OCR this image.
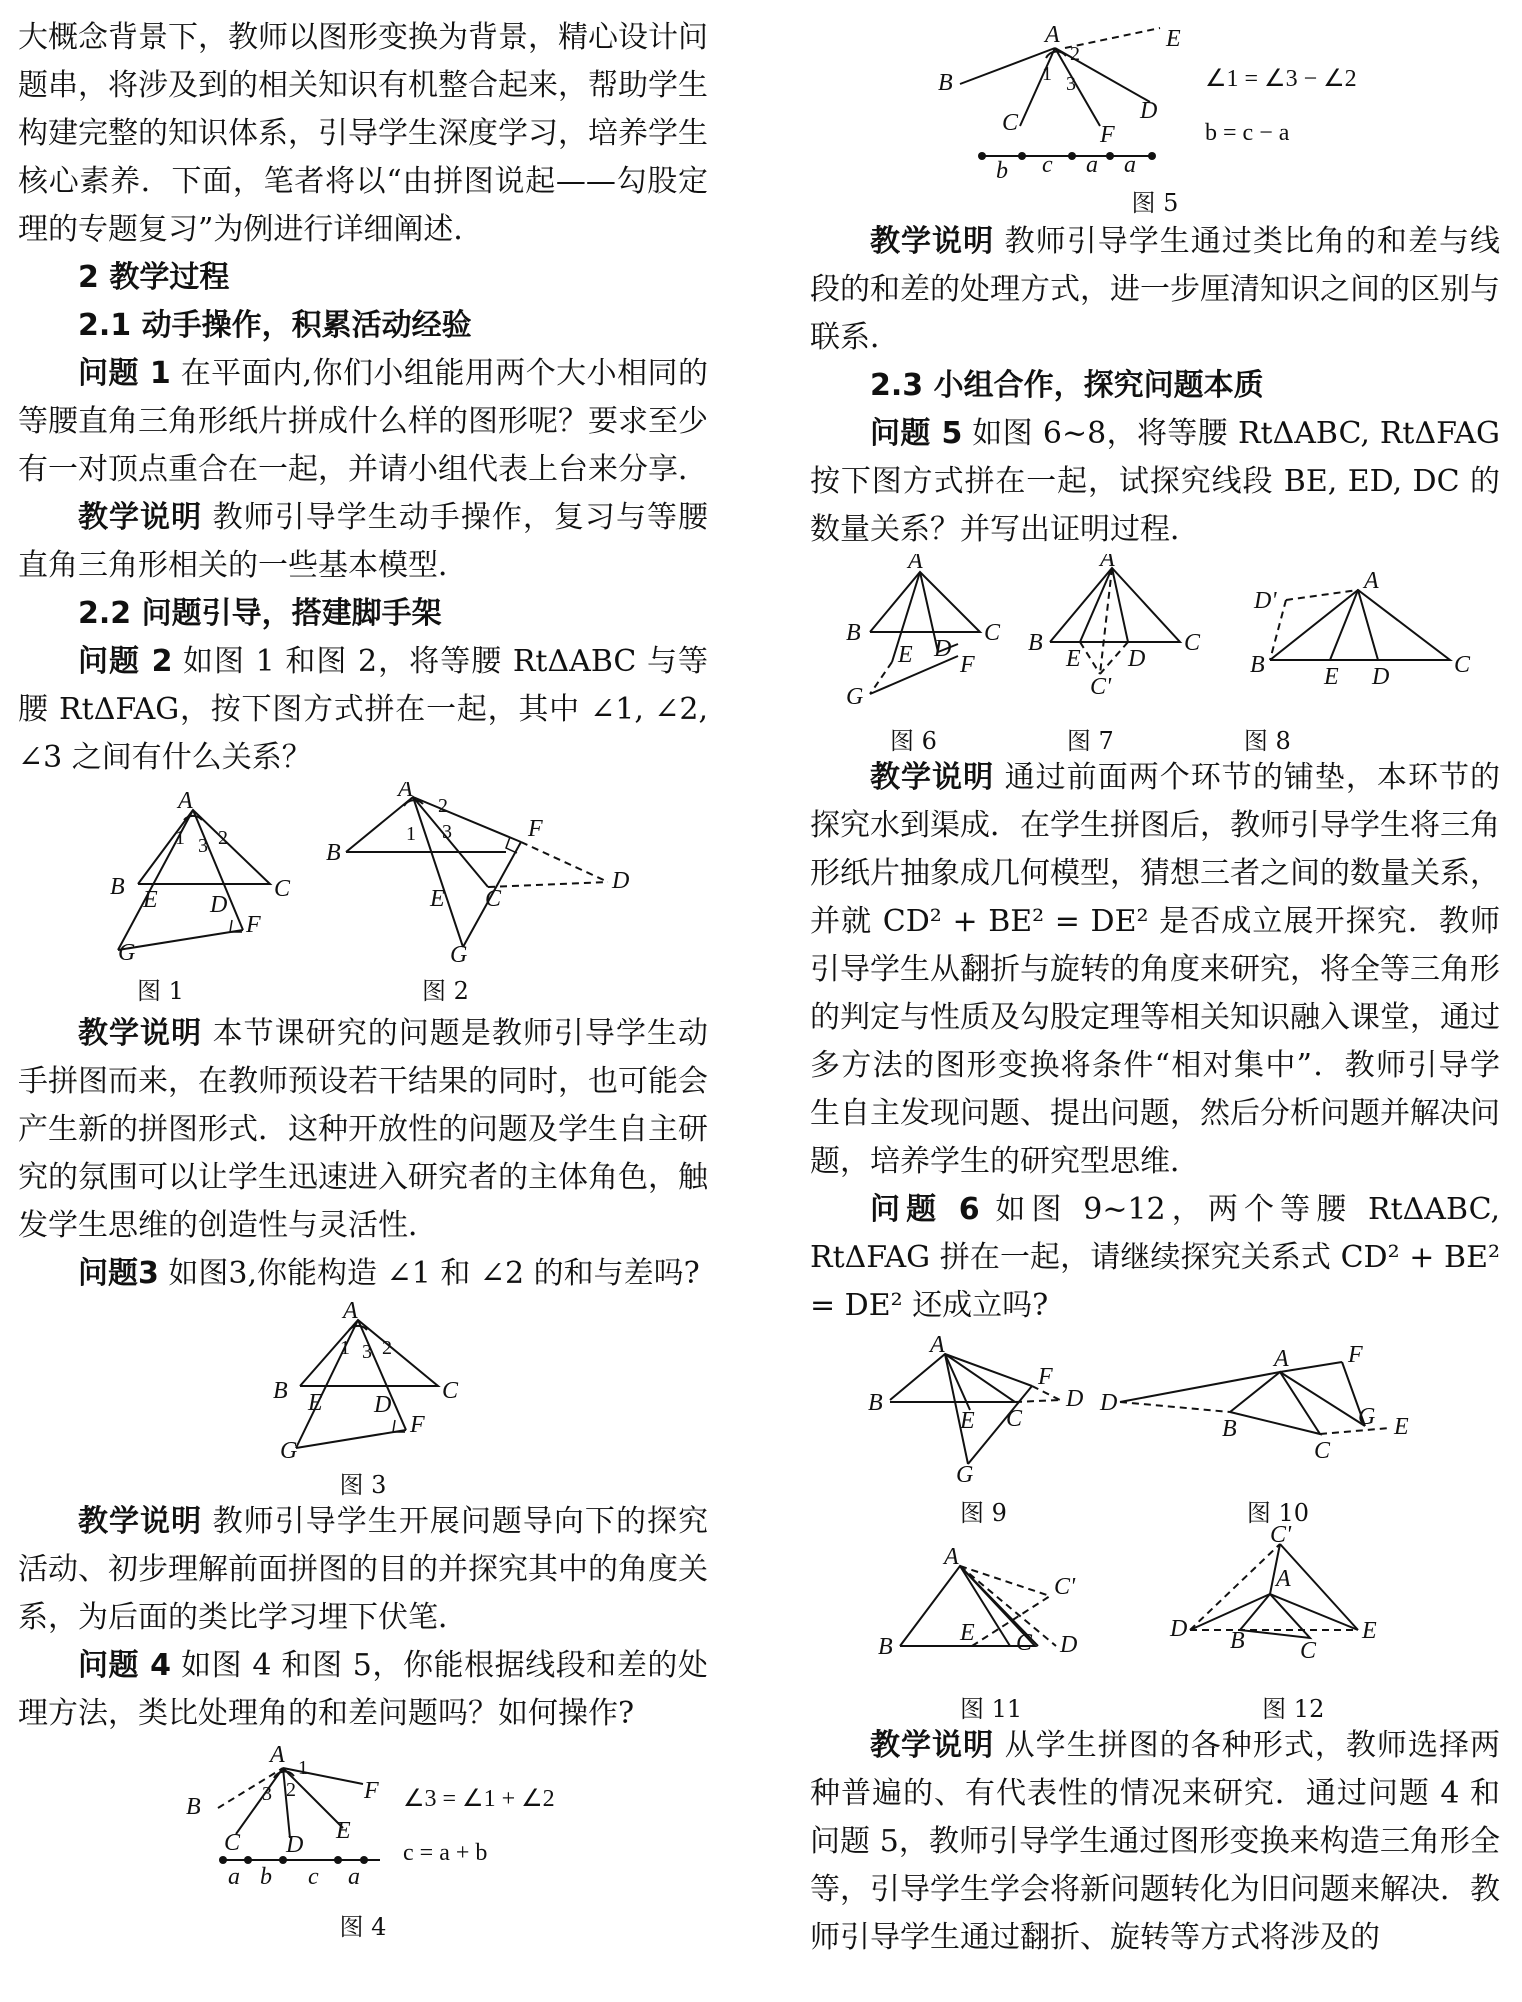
大概念背景下，教师以图形变换为背景，精心设计问题串，将涉及到的相关知识有机整合起来，帮助学生构建完整的知识体系，引导学生深度学习，培养学生核心素养．下面，笔者将以“由拼图说起——勾股定理的专题复习”为例进行详细阐述．

2 教学过程

2.1 动手操作，积累活动经验

问题 1 在平面内,你们小组能用两个大小相同的等腰直角三角形纸片拼成什么样的图形呢？要求至少有一对顶点重合在一起，并请小组代表上台来分享．

教学说明 教师引导学生动手操作，复习与等腰直角三角形相关的一些基本模型．

2.2 问题引导，搭建脚手架

问题 2 如图 1 和图 2，将等腰 RtΔABC 与等腰 RtΔFAG，按下图方式拼在一起，其中 ∠1, ∠2, ∠3 之间有什么关系？

A
B	C
E D
F
G
1 3 2
A
B
C
E
F
D
G
1
2
3
图 1	图 2

教学说明 本节课研究的问题是教师引导学生动手拼图而来，在教师预设若干结果的同时，也可能会产生新的拼图形式．这种开放性的问题及学生自主研究的氛围可以让学生迅速进入研究者的主体角色，触发学生思维的创造性与灵活性．

问题3 如图3,你能构造 ∠1 和 ∠2 的和与差吗?

A
B	C
E D
F
G
1 3 2
图 3

教学说明 教师引导学生开展问题导向下的探究活动、初步理解前面拼图的目的并探究其中的角度关系，为后面的类比学习埋下伏笔．

问题 4 如图 4 和图 5，你能根据线段和差的处理方法，类比处理角的和差问题吗？如何操作?

A
B
C D
E
F
3 2
1
a b c a
∠3 = ∠1 + ∠2
c = a + b
图 4
A
B
C	D
E
F
1
2
3
b c a a
∠1 = ∠3 − ∠2
b = c − a
图 5

教学说明 教师引导学生通过类比角的和差与线段的和差的处理方式，进一步厘清知识之间的区别与联系．

2.3 小组合作，探究问题本质

问题 5 如图 6~8，将等腰 RtΔABC, RtΔFAG 按下图方式拼在一起，试探究线段 BE, ED, DC 的数量关系？并写出证明过程．

A
B	C
E D
F
G
A
B	C
E D
C'
A
D'
B E D	C
图 6	图 7	图 8

教学说明 通过前面两个环节的铺垫，本环节的探究水到渠成．在学生拼图后，教师引导学生将三角形纸片抽象成几何模型，猜想三者之间的数量关系，并就 CD² + BE² = DE² 是否成立展开探究．教师引导学生从翻折与旋转的角度来研究，将全等三角形的判定与性质及勾股定理等相关知识融入课堂，通过多方法的图形变换将条件“相对集中”．教师引导学生自主发现问题、提出问题，然后分析问题并解决问题，培养学生的研究型思维．

问题 6 如图 9~12，两个等腰 RtΔABC, RtΔFAG 拼在一起，请继续探究关系式 CD² + BE² = DE² 还成立吗?

A
B
C
E
F
D
G
A F
D
B
C
G E
图 9	图 10
A
B
E C D
C'
C'
A
D B C
E
图 11	图 12

教学说明 从学生拼图的各种形式，教师选择两种普遍的、有代表性的情况来研究．通过问题 4 和问题 5，教师引导学生通过图形变换来构造三角形全等，引导学生学会将新问题转化为旧问题来解决．教师引导学生通过翻折、旋转等方式将涉及的
